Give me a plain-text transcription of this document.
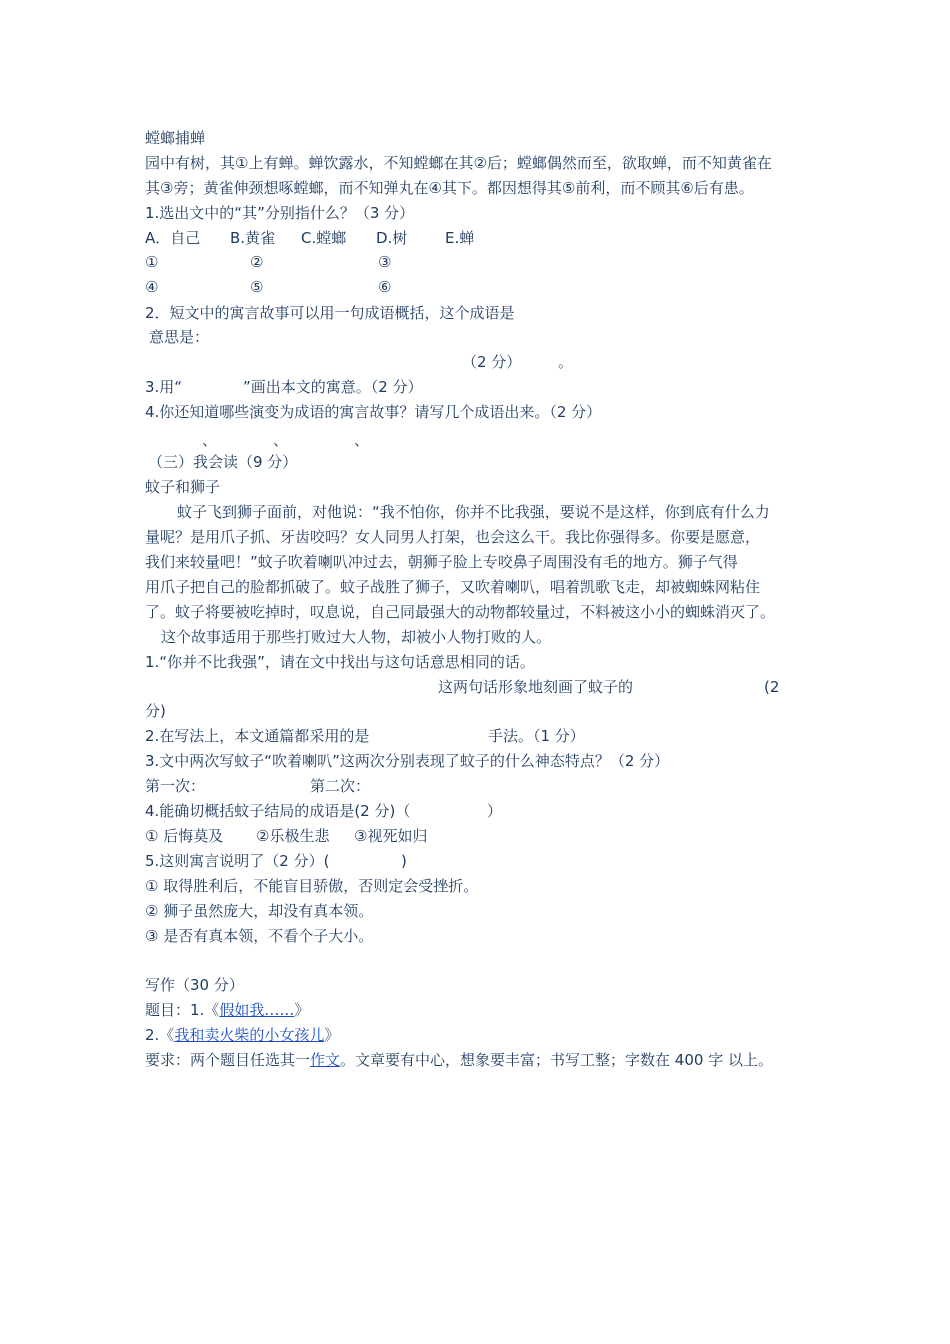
螳螂捕蝉
园中有树，其①上有蝉。蝉饮露水，不知螳螂在其②后；螳螂偶然而至，欲取蝉，而不知黄雀在
其③旁；黄雀伸颈想啄螳螂，而不知弹丸在④其下。都因想得其⑤前利，而不顾其⑥后有患。
1.选出文中的“其”分别指什么？（3 分）
A．自己 B.黄雀 C.螳螂 D.树	E.蝉
①	②	③
④	⑤	⑥
2．短文中的寓言故事可以用一句成语概括，这个成语是
意思是：
（2 分） 。
3.用“	”画出本文的寓意。（2 分）
4.你还知道哪些演变为成语的寓言故事？请写几个成语出来。（2 分）
、	、	、
（三）我会读（9 分）
蚊子和狮子
蚊子飞到狮子面前，对他说：“我不怕你，你并不比我强，要说不是这样，你到底有什么力
量呢？是用爪子抓、牙齿咬吗？女人同男人打架，也会这么干。我比你强得多。你要是愿意，
我们来较量吧！”蚊子吹着喇叭冲过去，朝狮子脸上专咬鼻子周围没有毛的地方。狮子气得
用爪子把自己的脸都抓破了。蚊子战胜了狮子，又吹着喇叭，唱着凯歌飞走，却被蜘蛛网粘住
了。蚊子将要被吃掉时，叹息说，自己同最强大的动物都较量过，不料被这小小的蜘蛛消灭了。
这个故事适用于那些打败过大人物，却被小人物打败的人。
1.“你并不比我强”，请在文中找出与这句话意思相同的话。
这两句话形象地刻画了蚊子的	(2
分)
2.在写法上，本文通篇都采用的是	手法。（1 分）
3.文中两次写蚊子“吹着喇叭”这两次分别表现了蚊子的什么神态特点？（2 分）
第一次：	第二次：
4.能确切概括蚊子结局的成语是(2 分)（	）
① 后悔莫及 ②乐极生悲 ③视死如归
5.这则寓言说明了（2 分）(	)
① 取得胜利后，不能盲目骄傲，否则定会受挫折。
② 狮子虽然庞大，却没有真本领。
③ 是否有真本领，不看个子大小。
写作（30 分）
题目：1.《假如我……》
2.《我和卖火柴的小女孩儿》
要求：两个题目任选其一作文。文章要有中心，想象要丰富；书写工整；字数在 400 字 以上。
